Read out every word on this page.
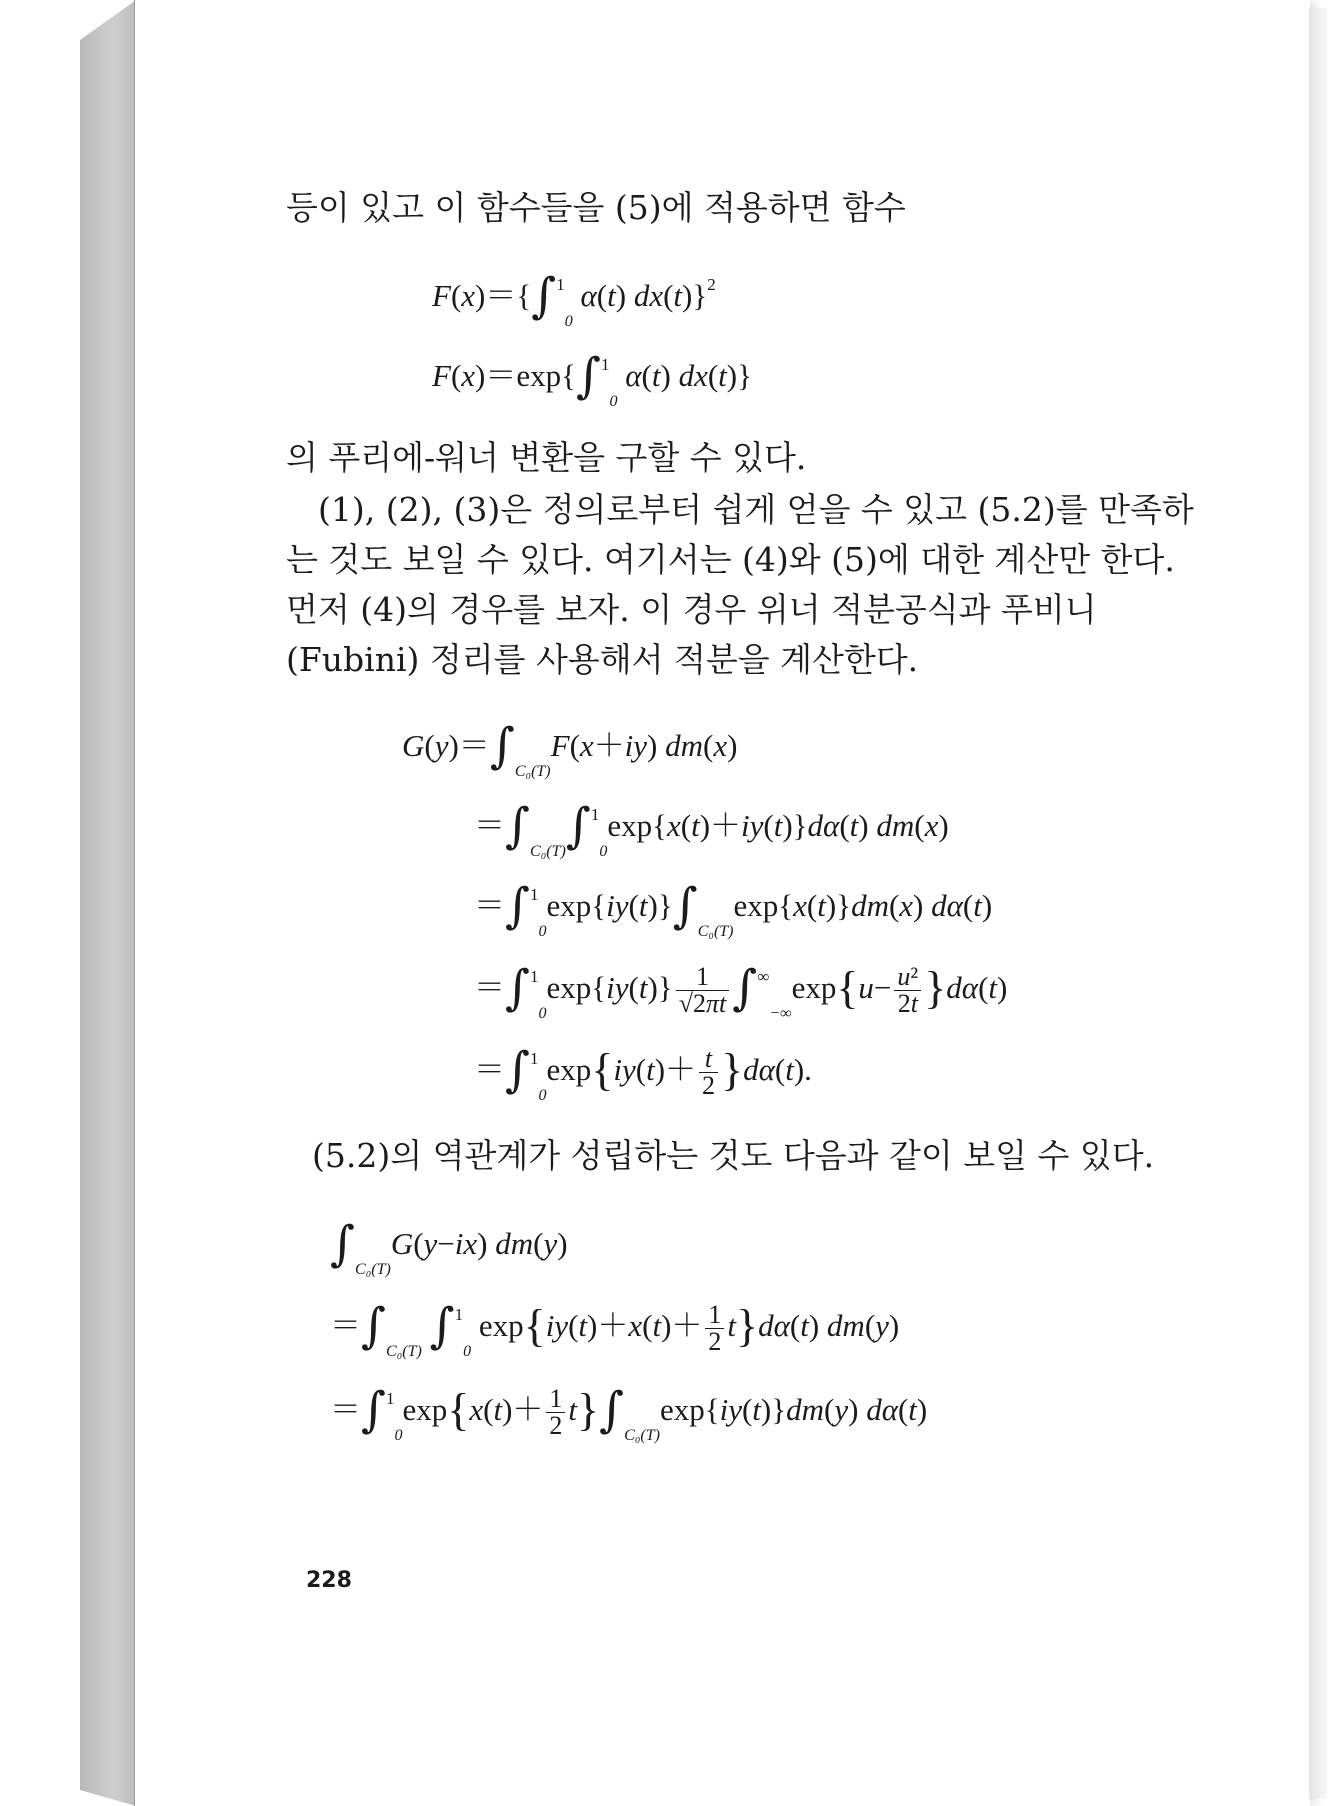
등이 있고 이 함수들을 (5)에 적용하면 함수
F(x)＝{∫$^1_0$ α(t) dx(t)}$^2$
F(x)＝exp{∫$^1_0$ α(t) dx(t)}
의 푸리에-워너 변환을 구할 수 있다.
(1), (2), (3)은 정의로부터 쉽게 얻을 수 있고 (5.2)를 만족하
는 것도 보일 수 있다. 여기서는 (4)와 (5)에 대한 계산만 한다.
먼저 (4)의 경우를 보자. 이 경우 위너 적분공식과 푸비니
(Fubini) 정리를 사용해서 적분을 계산한다.
$G(y)=\int_{C_0(T)}F(x+iy)$ dm(x)
$=\int_{C_0(T)}\int^1_0\exp\{x(t)+iy(t)\}d\alpha(t)$ dm(x)
$=\int^1_0\exp\{iy(t)\}\int_{C_0(T)}\exp\{x(t)\}dm(x)$ dα(t)
$=\int^1_0\exp\{iy(t)\} \frac{1}{√2\pi t} \int^\infty_{-\infty}\exp\{u- \frac{\text{u²}}{2t} \}d\alpha(t)$
$=\int^1_0\exp\{iy(t)+ \frac{t}{2} \}d\alpha(t)$.
(5.2)의 역관계가 성립하는 것도 다음과 같이 보일 수 있다.
$\int_{C_0(T)}G(y-ix)$ dm(y)
$=\int_{C_0(T)}$ ∫$^1_0$ $\exp\{iy(t)+x(t)+ \frac{1}{2} t\}d\alpha(t)$ dm(y)
$=\int^1_0\exp\{x(t)+ \frac{1}{2} t\}\int_{C_0(T)}\exp\{iy(t)\}dm(y)$ dα(t)
228
